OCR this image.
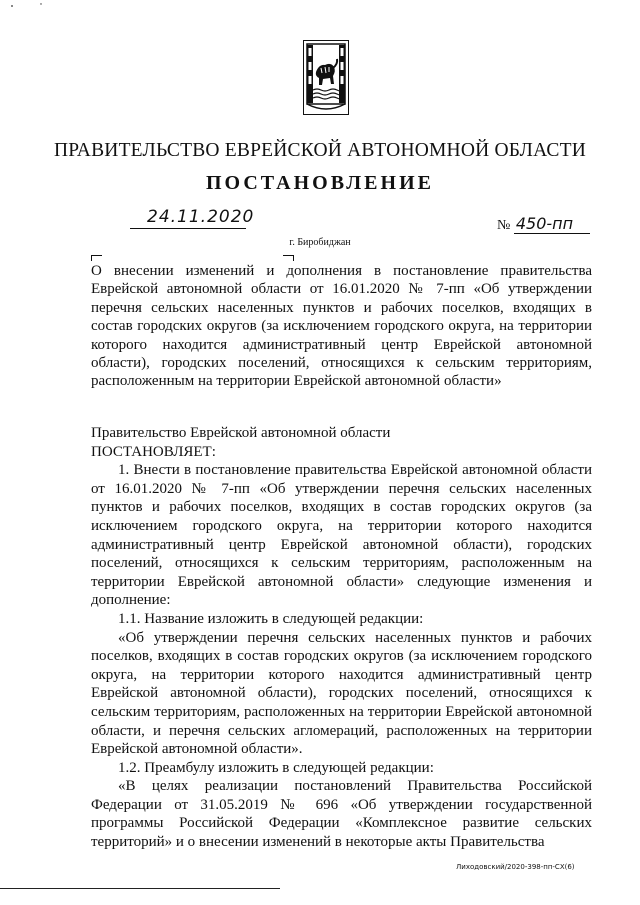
ПРАВИТЕЛЬСТВО ЕВРЕЙСКОЙ АВТОНОМНОЙ ОБЛАСТИ
ПОСТАНОВЛЕНИЕ
24.11.2020	№ 450-пп
г. Биробиджан
О внесении изменений и дополнения в постановление правительства Еврейской автономной области от 16.01.2020 № 7-пп «Об утверждении перечня сельских населенных пунктов и рабочих поселков, входящих в состав городских округов (за исключением городского округа, на территории которого находится административный центр Еврейской автономной области), городских поселений, относящихся к сельским территориям, расположенным на территории Еврейской автономной области»

Правительство Еврейской автономной области

ПОСТАНОВЛЯЕТ:

1. Внести в постановление правительства Еврейской автономной области от 16.01.2020 № 7-пп «Об утверждении перечня сельских населенных пунктов и рабочих поселков, входящих в состав городских округов (за исключением городского округа, на территории которого находится административный центр Еврейской автономной области), городских поселений, относящихся к сельским территориям, расположенным на территории Еврейской автономной области» следующие изменения и дополнение:

1.1. Название изложить в следующей редакции:

«Об утверждении перечня сельских населенных пунктов и рабочих поселков, входящих в состав городских округов (за исключением городского округа, на территории которого находится административный центр Еврейской автономной области), городских поселений, относящихся к сельским территориям, расположенных на территории Еврейской автономной области, и перечня сельских агломераций, расположенных на территории Еврейской автономной области».

1.2. Преамбулу изложить в следующей редакции:

«В целях реализации постановлений Правительства Российской Федерации от 31.05.2019 № 696 «Об утверждении государственной программы Российской Федерации «Комплексное развитие сельских территорий» и о внесении изменений в некоторые акты Правительства

Лиходовский/2020-398-пп-СХ(6)
